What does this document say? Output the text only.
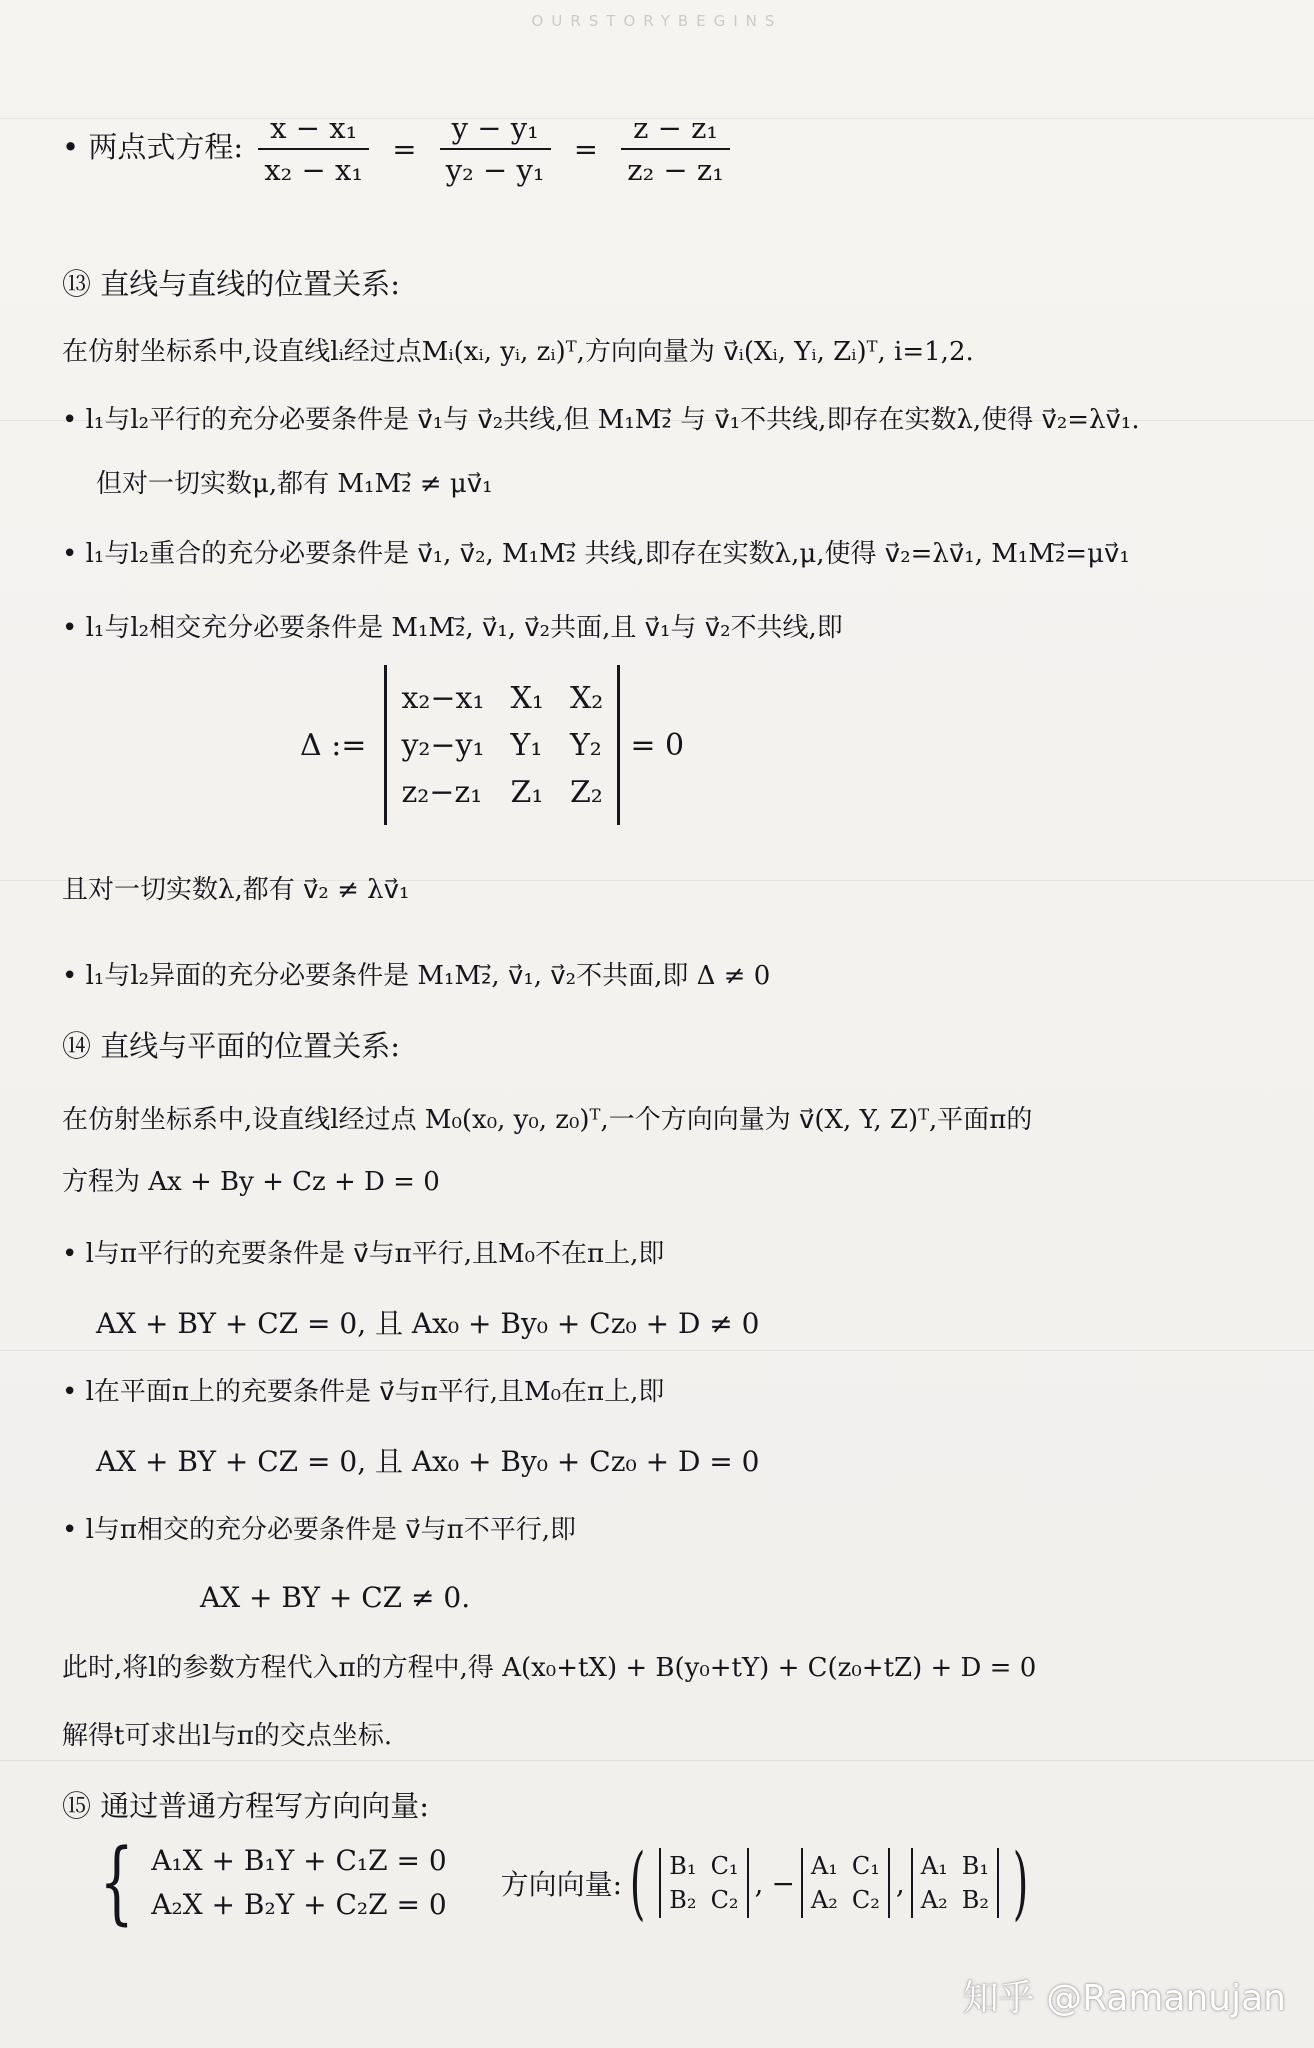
OURSTORYBEGINS
• 两点式方程: $\frac{\text{x − x₁}}{\text{x₂ − x₁}} = \frac{\text{y − y₁}}{\text{y₂ − y₁}} = \frac{\text{z − z₁}}{\text{z₂ − z₁}}$
⑬ 直线与直线的位置关系:
在仿射坐标系中,设直线lᵢ经过点Mᵢ(xᵢ, yᵢ, zᵢ)ᵀ,方向向量为 v⃗ᵢ(Xᵢ, Yᵢ, Zᵢ)ᵀ, i=1,2.
• l₁与l₂平行的充分必要条件是 v⃗₁与 v⃗₂共线,但 M₁M₂⃗ 与 v⃗₁不共线,即存在实数λ,使得 v⃗₂=λv⃗₁.
但对一切实数μ,都有 M₁M₂⃗ ≠ μv⃗₁
• l₁与l₂重合的充分必要条件是 v⃗₁, v⃗₂, M₁M₂⃗ 共线,即存在实数λ,μ,使得 v⃗₂=λv⃗₁, M₁M₂⃗=μv⃗₁
• l₁与l₂相交充分必要条件是 M₁M₂⃗, v⃗₁, v⃗₂共面,且 v⃗₁与 v⃗₂不共线,即
Δ :=
x₂−x₁ X₁ X₂
y₂−y₁ Y₁ Y₂
z₂−z₁ Z₁ Z₂
= 0
且对一切实数λ,都有 v⃗₂ ≠ λv⃗₁
• l₁与l₂异面的充分必要条件是 M₁M₂⃗, v⃗₁, v⃗₂不共面,即 Δ ≠ 0
⑭ 直线与平面的位置关系:
在仿射坐标系中,设直线l经过点 M₀(x₀, y₀, z₀)ᵀ,一个方向向量为 v⃗(X, Y, Z)ᵀ,平面π的
方程为 Ax + By + Cz + D = 0
• l与π平行的充要条件是 v⃗与π平行,且M₀不在π上,即
AX + BY + CZ = 0, 且 Ax₀ + By₀ + Cz₀ + D ≠ 0
• l在平面π上的充要条件是 v⃗与π平行,且M₀在π上,即
AX + BY + CZ = 0, 且 Ax₀ + By₀ + Cz₀ + D = 0
• l与π相交的充分必要条件是 v⃗与π不平行,即
AX + BY + CZ ≠ 0.
此时,将l的参数方程代入π的方程中,得 A(x₀+tX) + B(y₀+tY) + C(z₀+tZ) + D = 0
解得t可求出l与π的交点坐标.
⑮ 通过普通方程写方向向量:
{ A₁X + B₁Y + C₁Z = 0
A₂X + B₂Y + C₂Z = 0
方向向量: ( B₁ C₁
B₂ C₂
, −
A₁ C₁
A₂ C₂
,
A₁ B₁
A₂ B₂ )
知乎 @Ramanujan
